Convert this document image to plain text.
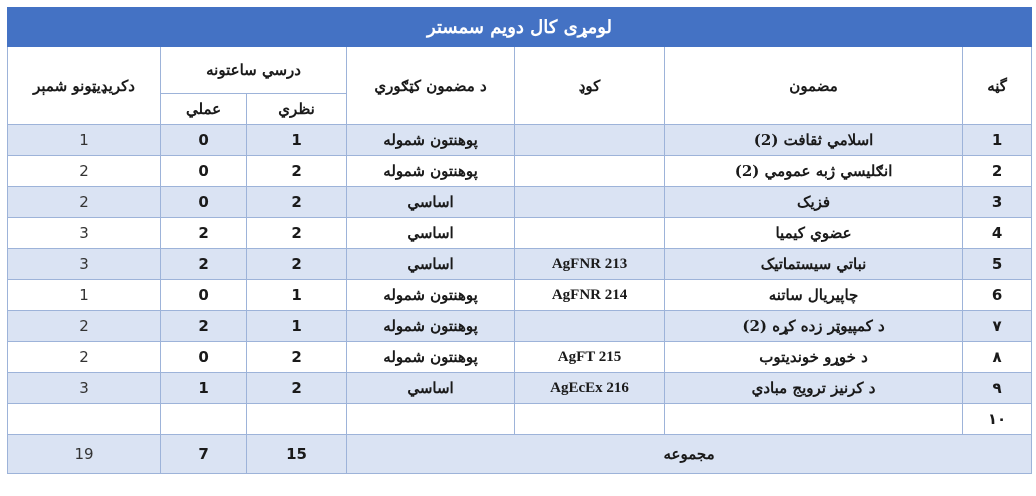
لومړی کال دویم سمستر						
گڼه	مضمون	کوډ	د مضمون کټګوري	درسي ساعتونه		دکریډیټونو شمېر
				نظري	عملي	
1	اسلامي ثقافت (2)		پوهنتون شموله	1	0	1
2	انګلیسي ژبه عمومي (2)		پوهنتون شموله	2	0	2
3	فزیک		اساسي	2	0	2
4	عضوي کیمیا		اساسي	2	2	3
5	نباتي سیستماتیک	AgFNR 213	اساسي	2	2	3
6	چاپیریال ساتنه	AgFNR 214	پوهنتون شموله	1	0	1
۷	د کمپیوټر زده کړه (2)		پوهنتون شموله	1	2	2
۸	د خوړو خوندیتوب	AgFT 215	پوهنتون شموله	2	0	2
۹	د کرنیز ترویج مبادي	AgEcEx 216	اساسي	2	1	3
۱۰						
مجموعه				15	7	19
